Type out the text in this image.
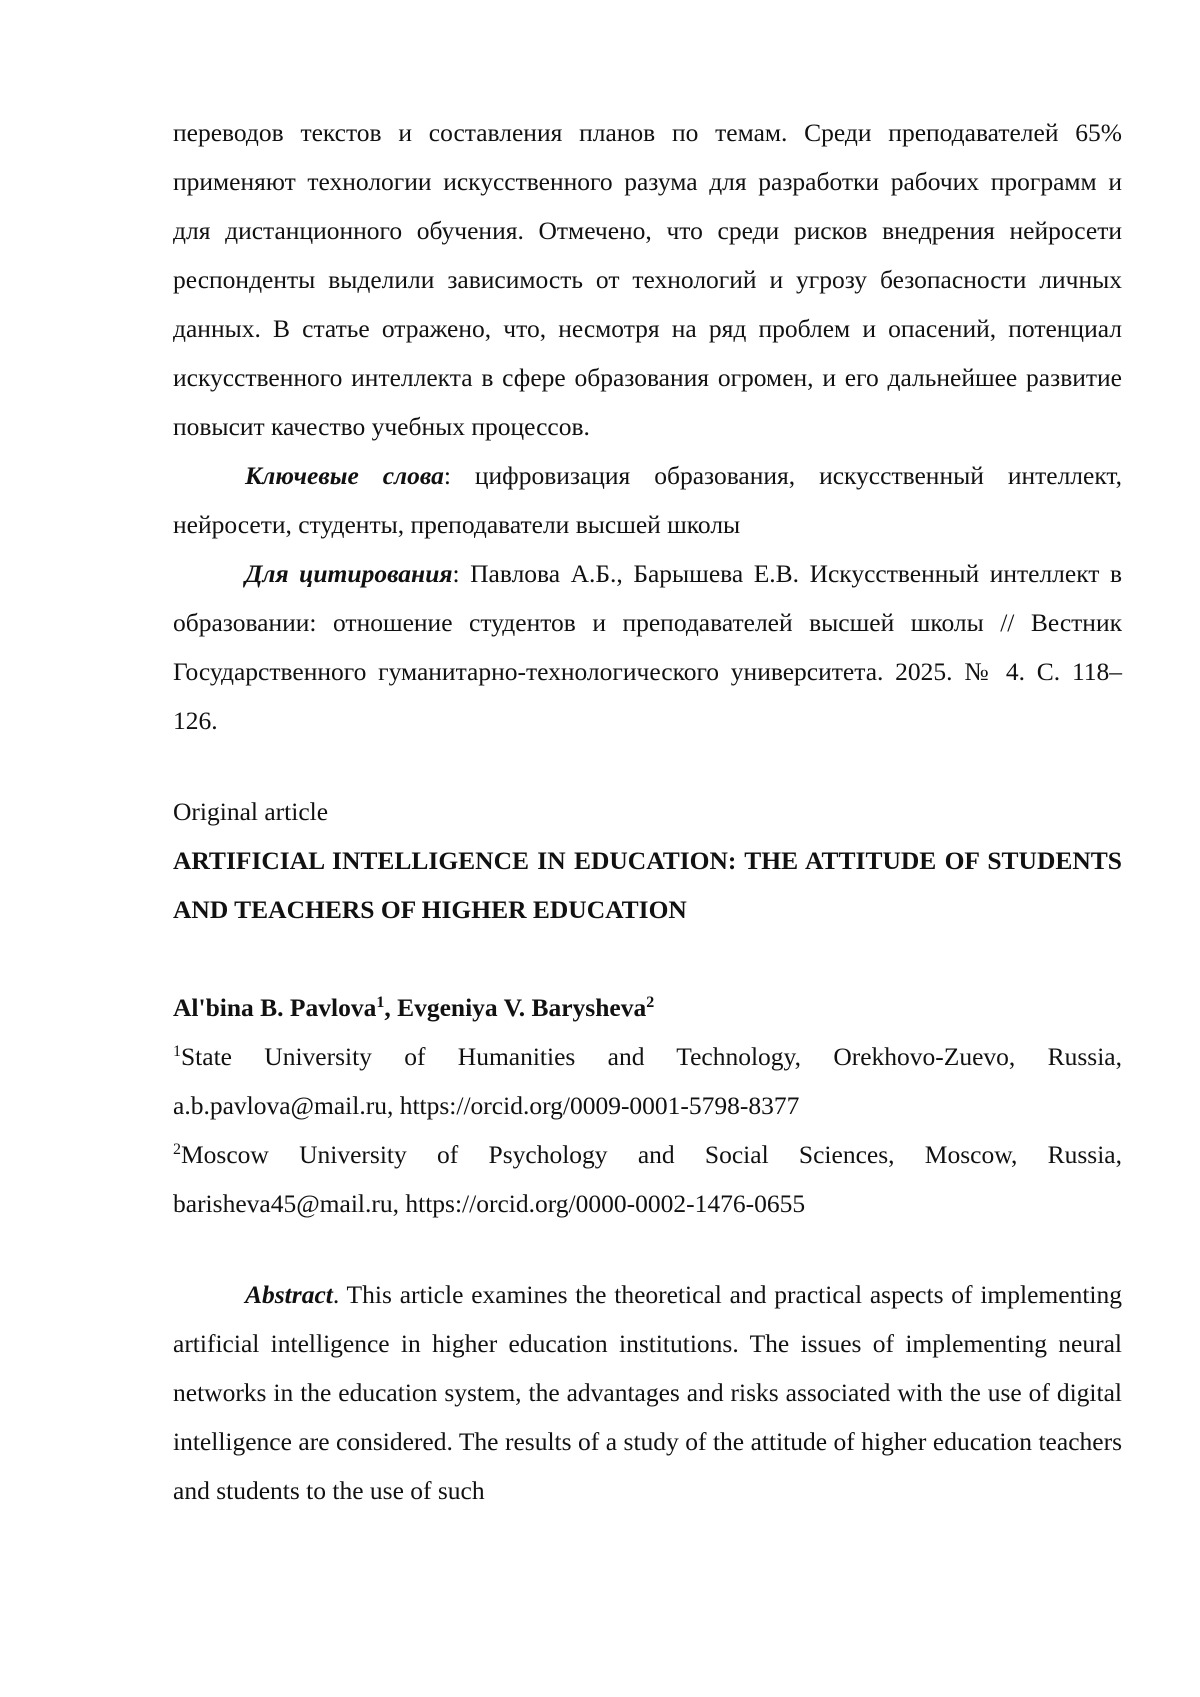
переводов текстов и составления планов по темам. Среди преподавателей 65% применяют технологии искусственного разума для разработки рабочих программ и для дистанционного обучения. Отмечено, что среди рисков внедрения нейросети респонденты выделили зависимость от технологий и угрозу безопасности личных данных. В статье отражено, что, несмотря на ряд проблем и опасений, потенциал искусственного интеллекта в сфере образования огромен, и его дальнейшее развитие повысит качество учебных процессов.

Ключевые слова: цифровизация образования, искусственный интеллект, нейросети, студенты, преподаватели высшей школы

Для цитирования: Павлова А.Б., Барышева Е.В. Искусственный интеллект в образовании: отношение студентов и преподавателей высшей школы // Вестник Государственного гуманитарно-технологического университета. 2025. № 4. С. 118–126.

Original article

ARTIFICIAL INTELLIGENCE IN EDUCATION: THE ATTITUDE OF STUDENTS AND TEACHERS OF HIGHER EDUCATION

Al'bina B. Pavlova$^1$, Evgeniya V. Barysheva$^2$

$^1$State University of Humanities and Technology, Orekhovo-Zuevo, Russia, a.b.pavlova@mail.ru, https://orcid.org/0009-0001-5798-8377

$^2$Moscow University of Psychology and Social Sciences, Moscow, Russia, barisheva45@mail.ru, https://orcid.org/0000-0002-1476-0655

Abstract. This article examines the theoretical and practical aspects of implementing artificial intelligence in higher education institutions. The issues of implementing neural networks in the education system, the advantages and risks associated with the use of digital intelligence are considered. The results of a study of the attitude of higher education teachers and students to the use of such
